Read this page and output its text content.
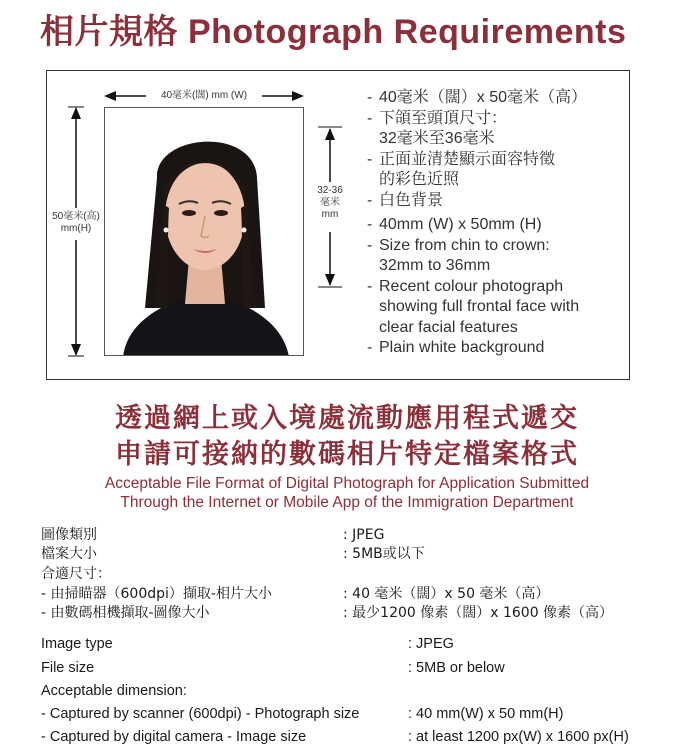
相片規格 Photograph Requirements
40毫米(闊) mm (W)
50毫米(高)
mm(H)
32-36
毫米
mm
- 40毫米（闊）x 50毫米（高）
- 下頜至頭頂尺寸：
32毫米至36毫米
- 正面並清楚顯示面容特徵
的彩色近照
- 白色背景
- 40mm (W) x 50mm (H)
- Size from chin to crown:
32mm to 36mm
- Recent colour photograph
showing full frontal face with
clear facial features
- Plain white background
透過網上或入境處流動應用程式遞交
申請可接納的數碼相片特定檔案格式
Acceptable File Format of Digital Photograph for Application Submitted
Through the Internet or Mobile App of the Immigration Department
圖像類別	: JPEG
檔案大小	: 5MB或以下
合適尺寸：
- 由掃瞄器（600dpi）擷取-相片大小	: 40 毫米（闊）x 50 毫米（高）
- 由數碼相機擷取-圖像大小	: 最少1200 像素（闊）x 1600 像素（高）
Image type	: JPEG
File size	: 5MB or below
Acceptable dimension:
- Captured by scanner (600dpi) - Photograph size	: 40 mm(W) x 50 mm(H)
- Captured by digital camera - Image size	: at least 1200 px(W) x 1600 px(H)
